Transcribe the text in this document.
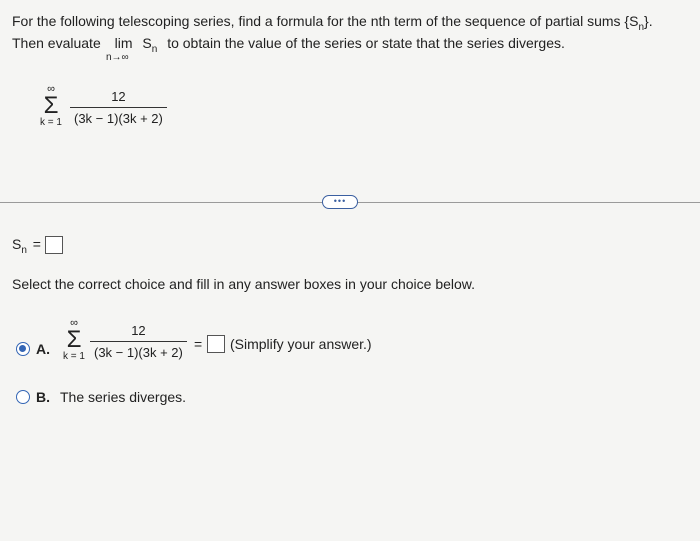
For the following telescoping series, find a formula for the nth term of the sequence of partial sums $\{S_n\}$.
Then evaluate $\lim S_n$ to obtain the value of the series or state that the series diverges.
n→∞
∞
Σ
$k = 1 \frac{12}{(3k - 1)(3k + 2)}$
•••
$S_n$ =
Select the correct choice and fill in any answer boxes in your choice below.
A.
∞
Σ
$k = 1 \frac{12}{(3k - 1)(3k + 2)}$ = (Simplify your answer.)
B. The series diverges.
